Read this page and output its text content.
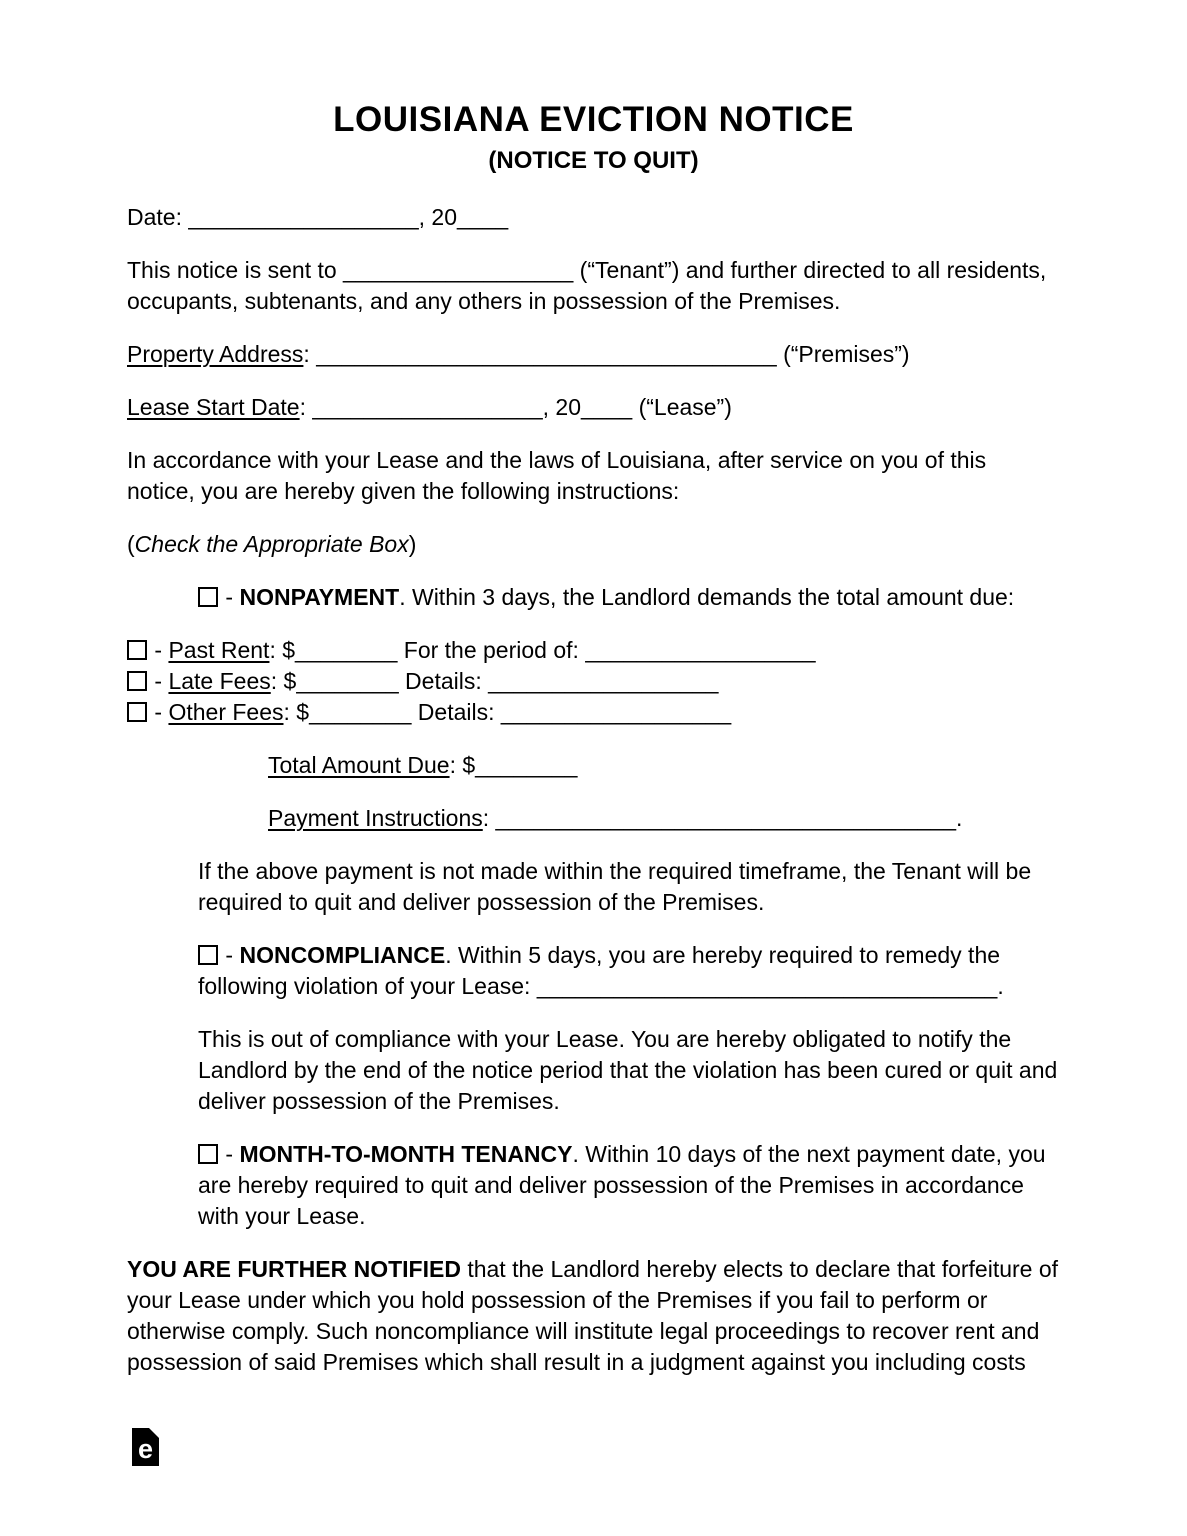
LOUISIANA EVICTION NOTICE
(NOTICE TO QUIT)

Date: __________________, 20____

This notice is sent to __________________ (“Tenant”) and further directed to all residents, occupants, subtenants, and any others in possession of the Premises.

Property Address: ____________________________________ (“Premises”)

Lease Start Date: __________________, 20____ (“Lease”)

In accordance with your Lease and the laws of Louisiana, after service on you of this notice, you are hereby given the following instructions:

(Check the Appropriate Box)

- NONPAYMENT. Within 3 days, the Landlord demands the total amount due:

- Past Rent: $________ For the period of: __________________
- Late Fees: $________ Details: __________________
- Other Fees: $________ Details: __________________

Total Amount Due: $________

Payment Instructions: ____________________________________.

If the above payment is not made within the required timeframe, the Tenant will be required to quit and deliver possession of the Premises.

- NONCOMPLIANCE. Within 5 days, you are hereby required to remedy the following violation of your Lease: ____________________________________.

This is out of compliance with your Lease. You are hereby obligated to notify the Landlord by the end of the notice period that the violation has been cured or quit and deliver possession of the Premises.

- MONTH-TO-MONTH TENANCY. Within 10 days of the next payment date, you are hereby required to quit and deliver possession of the Premises in accordance with your Lease.

YOU ARE FURTHER NOTIFIED that the Landlord hereby elects to declare that forfeiture of your Lease under which you hold possession of the Premises if you fail to perform or otherwise comply. Such noncompliance will institute legal proceedings to recover rent and possession of said Premises which shall result in a judgment against you including costs

e
